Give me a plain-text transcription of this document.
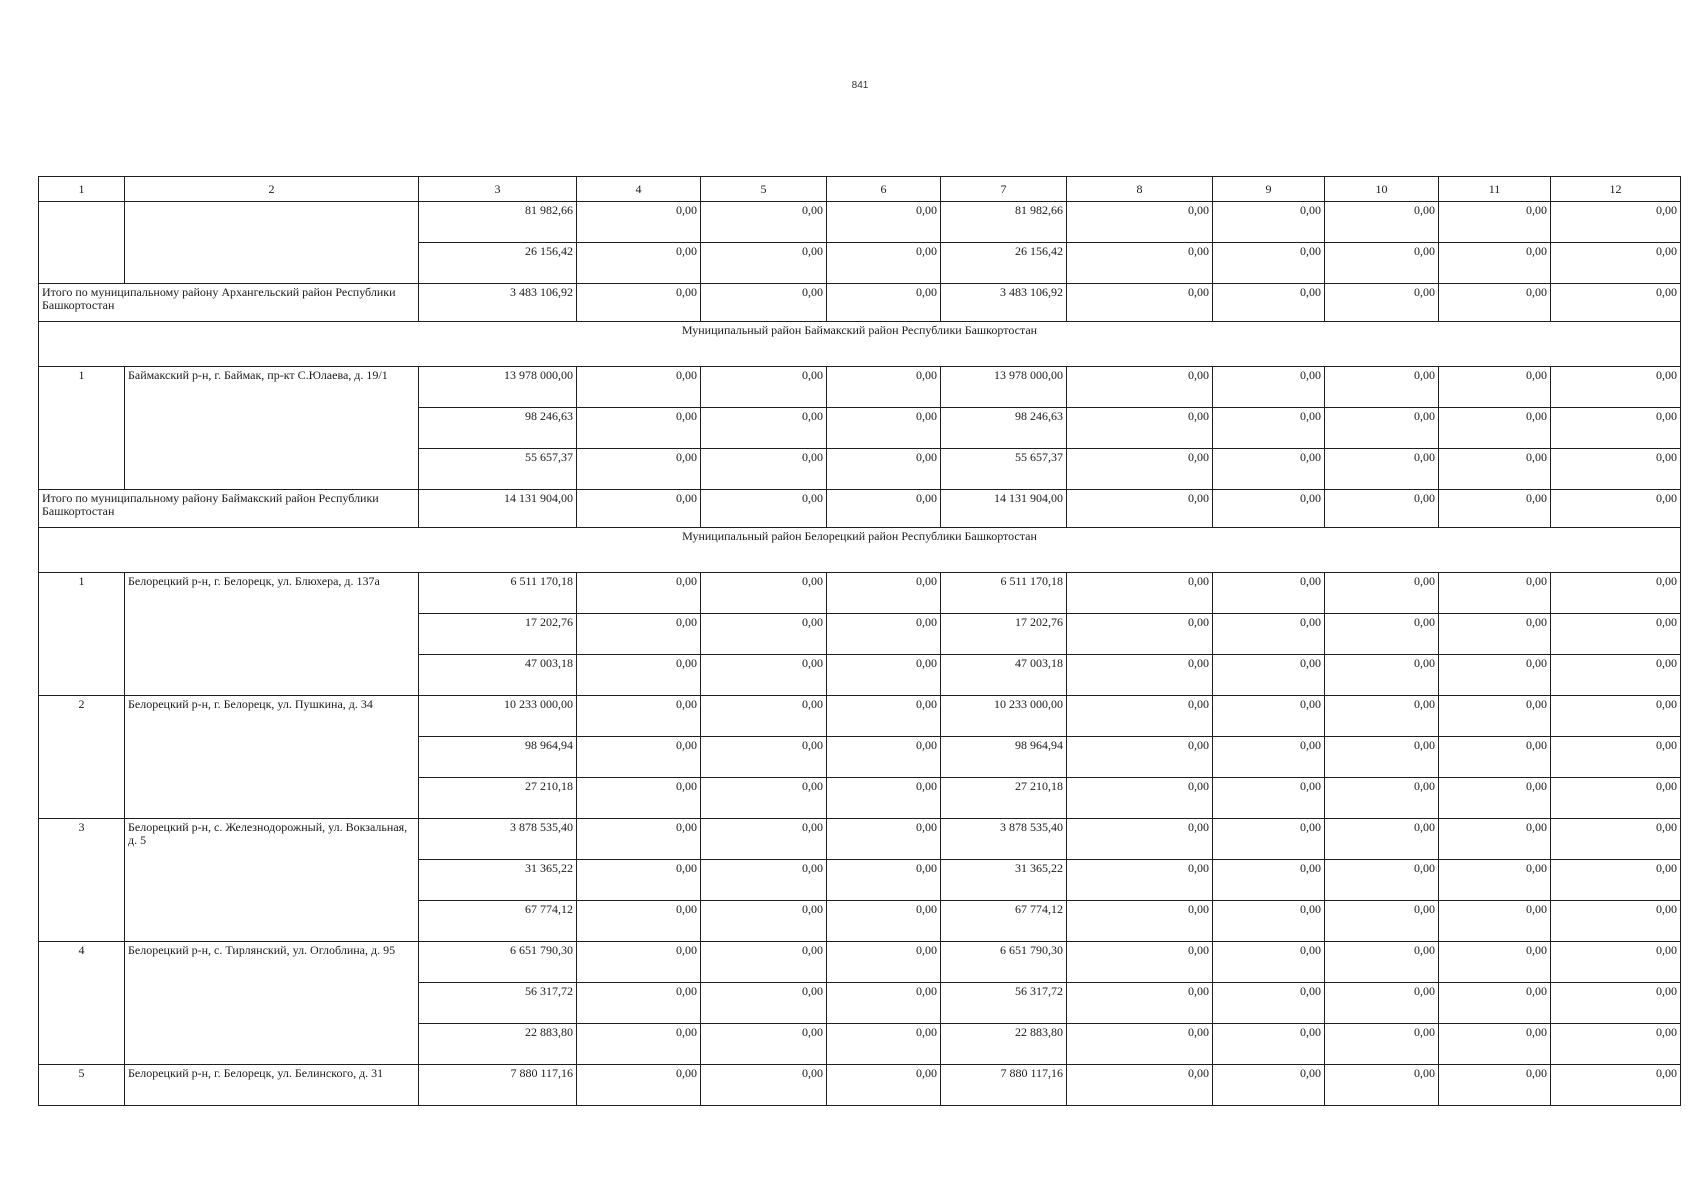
841
1	2	3	4	5	6	7	8	9	10	11	12
		81 982,66	0,00	0,00	0,00	81 982,66	0,00	0,00	0,00	0,00	0,00
		26 156,42	0,00	0,00	0,00	26 156,42	0,00	0,00	0,00	0,00	0,00
Итого по муниципальному району Архангельский район Республики Башкортостан		3 483 106,92	0,00	0,00	0,00	3 483 106,92	0,00	0,00	0,00	0,00	0,00
Муниципальный район Баймакский район Республики Башкортостан											
1	Баймакский р-н, г. Баймак, пр-кт С.Юлаева, д. 19/1	13 978 000,00	0,00	0,00	0,00	13 978 000,00	0,00	0,00	0,00	0,00	0,00
		98 246,63	0,00	0,00	0,00	98 246,63	0,00	0,00	0,00	0,00	0,00
		55 657,37	0,00	0,00	0,00	55 657,37	0,00	0,00	0,00	0,00	0,00
Итого по муниципальному району Баймакский район Республики Башкортостан		14 131 904,00	0,00	0,00	0,00	14 131 904,00	0,00	0,00	0,00	0,00	0,00
Муниципальный район Белорецкий район Республики Башкортостан											
1	Белорецкий р-н, г. Белорецк, ул. Блюхера, д. 137а	6 511 170,18	0,00	0,00	0,00	6 511 170,18	0,00	0,00	0,00	0,00	0,00
		17 202,76	0,00	0,00	0,00	17 202,76	0,00	0,00	0,00	0,00	0,00
		47 003,18	0,00	0,00	0,00	47 003,18	0,00	0,00	0,00	0,00	0,00
2	Белорецкий р-н, г. Белорецк, ул. Пушкина, д. 34	10 233 000,00	0,00	0,00	0,00	10 233 000,00	0,00	0,00	0,00	0,00	0,00
		98 964,94	0,00	0,00	0,00	98 964,94	0,00	0,00	0,00	0,00	0,00
		27 210,18	0,00	0,00	0,00	27 210,18	0,00	0,00	0,00	0,00	0,00
3	Белорецкий р-н, с. Железнодорожный, ул. Вокзальная, д. 5	3 878 535,40	0,00	0,00	0,00	3 878 535,40	0,00	0,00	0,00	0,00	0,00
		31 365,22	0,00	0,00	0,00	31 365,22	0,00	0,00	0,00	0,00	0,00
		67 774,12	0,00	0,00	0,00	67 774,12	0,00	0,00	0,00	0,00	0,00
4	Белорецкий р-н, с. Тирлянский, ул. Оглоблина, д. 95	6 651 790,30	0,00	0,00	0,00	6 651 790,30	0,00	0,00	0,00	0,00	0,00
		56 317,72	0,00	0,00	0,00	56 317,72	0,00	0,00	0,00	0,00	0,00
		22 883,80	0,00	0,00	0,00	22 883,80	0,00	0,00	0,00	0,00	0,00
5	Белорецкий р-н, г. Белорецк, ул. Белинского, д. 31	7 880 117,16	0,00	0,00	0,00	7 880 117,16	0,00	0,00	0,00	0,00	0,00
